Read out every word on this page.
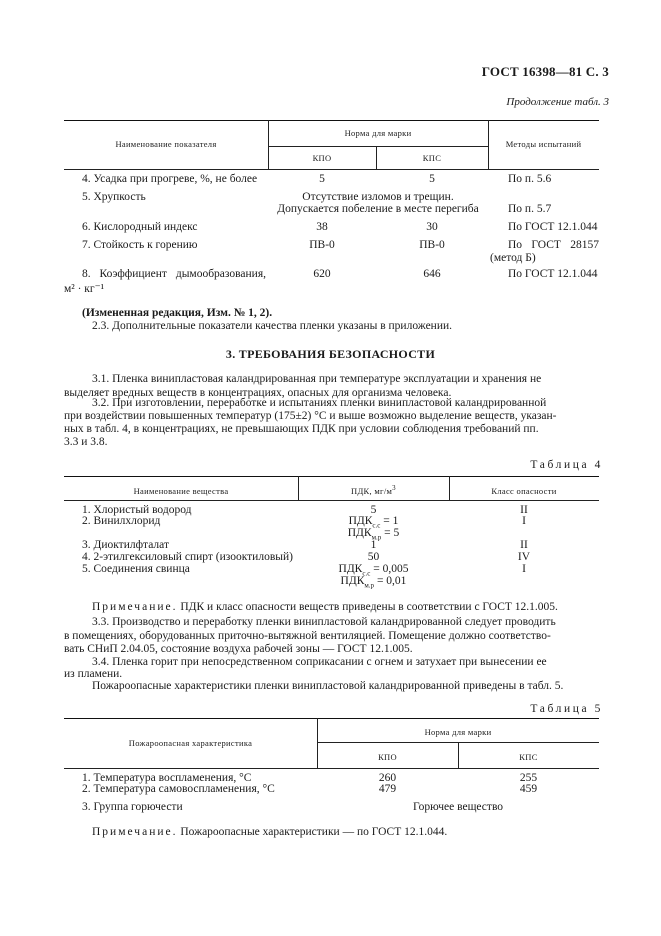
ГОСТ 16398—81 С. 3
Продолжение табл. 3
Наименование показателя
Норма для марки
КПО	КПС
Методы испытаний
4. Усадка при прогреве, %, не более	5	5	По п. 5.6
5. Хрупкость	Отсутствие изломов и трещин.
Допускается побеление в месте перегиба	По п. 5.7
6. Кислородный индекс	38	30	По ГОСТ 12.1.044
7. Стойкость к горению	ПВ-0	ПВ-0	По ГОСТ 28157
(метод Б)
8. Коэффициент дымообразования,
м² · кг⁻¹
620	646	По ГОСТ 12.1.044
(Измененная редакция, Изм. № 1, 2).
2.3. Дополнительные показатели качества пленки указаны в приложении.
3. ТРЕБОВАНИЯ БЕЗОПАСНОСТИ
3.1. Пленка винипластовая каландрированная при температуре эксплуатации и хранения не
выделяет вредных веществ в концентрациях, опасных для организма человека.
3.2. При изготовлении, переработке и испытаниях пленки винипластовой каландрированной
при воздействии повышенных температур (175±2) °С и выше возможно выделение веществ, указан-
ных в табл. 4, в концентрациях, не превышающих ПДК при условии соблюдения требований пп.
3.3 и 3.8.
Таблица 4
Наименование вещества	ПДК, $мг/м^3$	Класс опасности
1. Хлористый водород	5	II
2. Винилхлорид	$ПДК_{с.с} = 1$	I
$ПДК_{м.р} = 5$
3. Диоктилфталат	1	II
4. 2-этилгексиловый спирт (изооктиловый)	50	IV
5. Соединения свинца	$ПДК_{с.с} = 0,005$	I
$ПДК_{м.р} = 0,01$
Примечание. ПДК и класс опасности веществ приведены в соответствии с ГОСТ 12.1.005.
3.3. Производство и переработку пленки винипластовой каландрированной следует проводить
в помещениях, оборудованных приточно-вытяжной вентиляцией. Помещение должно соответство-
вать СНиП 2.04.05, состояние воздуха рабочей зоны — ГОСТ 12.1.005.
3.4. Пленка горит при непосредственном соприкасании с огнем и затухает при вынесении ее
из пламени.
Пожароопасные характеристики пленки винипластовой каландрированной приведены в табл. 5.
Таблица 5
Пожароопасная характеристика
Норма для марки
КПО	КПС
1. Температура воспламенения, °С	260	255
2. Температура самовоспламенения, °С	479	459
3. Группа горючести	Горючее вещество
Примечание. Пожароопасные характеристики — по ГОСТ 12.1.044.
